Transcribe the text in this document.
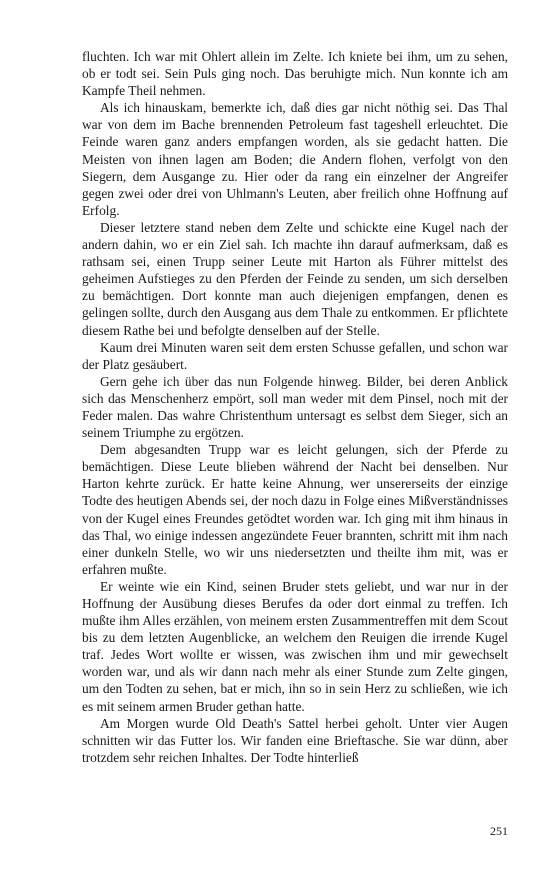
fluchten. Ich war mit Ohlert allein im Zelte. Ich kniete bei ihm, um zu sehen, ob er todt sei. Sein Puls ging noch. Das beruhigte mich. Nun konnte ich am Kampfe Theil nehmen.

Als ich hinauskam, bemerkte ich, daß dies gar nicht nöthig sei. Das Thal war von dem im Bache brennenden Petroleum fast tageshell erleuchtet. Die Feinde waren ganz anders empfangen worden, als sie gedacht hatten. Die Meisten von ihnen lagen am Boden; die Andern flohen, verfolgt von den Siegern, dem Ausgange zu. Hier oder da rang ein einzelner der Angreifer gegen zwei oder drei von Uhlmann's Leuten, aber freilich ohne Hoffnung auf Erfolg.

Dieser letztere stand neben dem Zelte und schickte eine Kugel nach der andern dahin, wo er ein Ziel sah. Ich machte ihn darauf aufmerksam, daß es rathsam sei, einen Trupp seiner Leute mit Harton als Führer mittelst des geheimen Aufstieges zu den Pferden der Feinde zu senden, um sich derselben zu bemächtigen. Dort konnte man auch diejenigen empfangen, denen es gelingen sollte, durch den Ausgang aus dem Thale zu entkommen. Er pflichtete diesem Rathe bei und befolgte denselben auf der Stelle.

Kaum drei Minuten waren seit dem ersten Schusse gefallen, und schon war der Platz gesäubert.

Gern gehe ich über das nun Folgende hinweg. Bilder, bei deren Anblick sich das Menschenherz empört, soll man weder mit dem Pinsel, noch mit der Feder malen. Das wahre Christenthum untersagt es selbst dem Sieger, sich an seinem Triumphe zu ergötzen.

Dem abgesandten Trupp war es leicht gelungen, sich der Pferde zu bemächtigen. Diese Leute blieben während der Nacht bei denselben. Nur Harton kehrte zurück. Er hatte keine Ahnung, wer unsererseits der einzige Todte des heutigen Abends sei, der noch dazu in Folge eines Mißverständnisses von der Kugel eines Freundes getödtet worden war. Ich ging mit ihm hinaus in das Thal, wo einige indessen angezündete Feuer brannten, schritt mit ihm nach einer dunkeln Stelle, wo wir uns niedersetzten und theilte ihm mit, was er erfahren mußte.

Er weinte wie ein Kind, seinen Bruder stets geliebt, und war nur in der Hoffnung der Ausübung dieses Berufes da oder dort einmal zu treffen. Ich mußte ihm Alles erzählen, von meinem ersten Zusammentreffen mit dem Scout bis zu dem letzten Augenblicke, an welchem den Reuigen die irrende Kugel traf. Jedes Wort wollte er wissen, was zwischen ihm und mir gewechselt worden war, und als wir dann nach mehr als einer Stunde zum Zelte gingen, um den Todten zu sehen, bat er mich, ihn so in sein Herz zu schließen, wie ich es mit seinem armen Bruder gethan hatte.

Am Morgen wurde Old Death's Sattel herbei geholt. Unter vier Augen schnitten wir das Futter los. Wir fanden eine Brieftasche. Sie war dünn, aber trotzdem sehr reichen Inhaltes. Der Todte hinterließ

251
